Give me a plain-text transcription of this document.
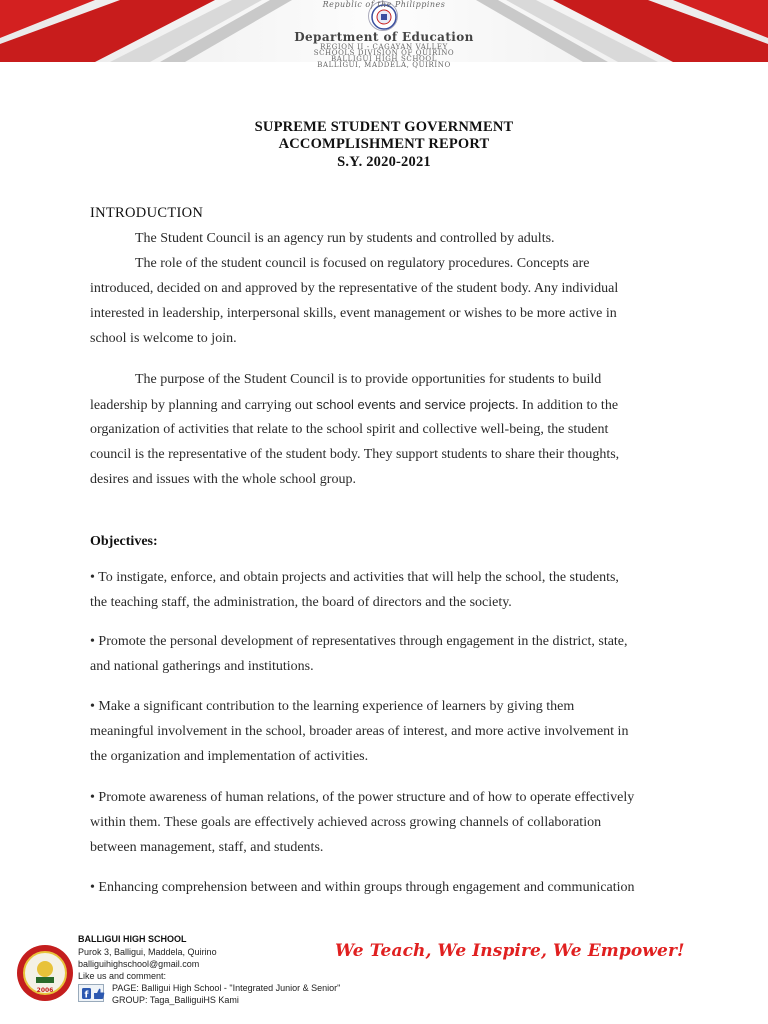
Republic of the Philippines
Department of Education
REGION II - CAGAYAN VALLEY
SCHOOLS DIVISION OF QUIRINO
BALLIGUI HIGH SCHOOL
BALLIGUI, MADDELA, QUIRINO
SUPREME STUDENT GOVERNMENT
ACCOMPLISHMENT REPORT
S.Y. 2020-2021
INTRODUCTION
The Student Council is an agency run by students and controlled by adults.
The role of the student council is focused on regulatory procedures. Concepts are
introduced, decided on and approved by the representative of the student body. Any individual
interested in leadership, interpersonal skills, event management or wishes to be more active in
school is welcome to join.
The purpose of the Student Council is to provide opportunities for students to build
leadership by planning and carrying out school events and service projects. In addition to the
organization of activities that relate to the school spirit and collective well-being, the student
council is the representative of the student body. They support students to share their thoughts,
desires and issues with the whole school group.
Objectives:
• To instigate, enforce, and obtain projects and activities that will help the school, the students,
the teaching staff, the administration, the board of directors and the society.
• Promote the personal development of representatives through engagement in the district, state,
and national gatherings and institutions.
• Make a significant contribution to the learning experience of learners by giving them
meaningful involvement in the school, broader areas of interest, and more active involvement in
the organization and implementation of activities.
• Promote awareness of human relations, of the power structure and of how to operate effectively
within them. These goals are effectively achieved across growing channels of collaboration
between management, staff, and students.
• Enhancing comprehension between and within groups through engagement and communication
2006
BALLIGUI HIGH SCHOOL
Purok 3, Balligui, Maddela, Quirino
balliguihighschool@gmail.com
Like us and comment:
f
PAGE: Balligui High School - "Integrated Junior & Senior"
GROUP: Taga_BalliguiHS Kami
We Teach, We Inspire, We Empower!
